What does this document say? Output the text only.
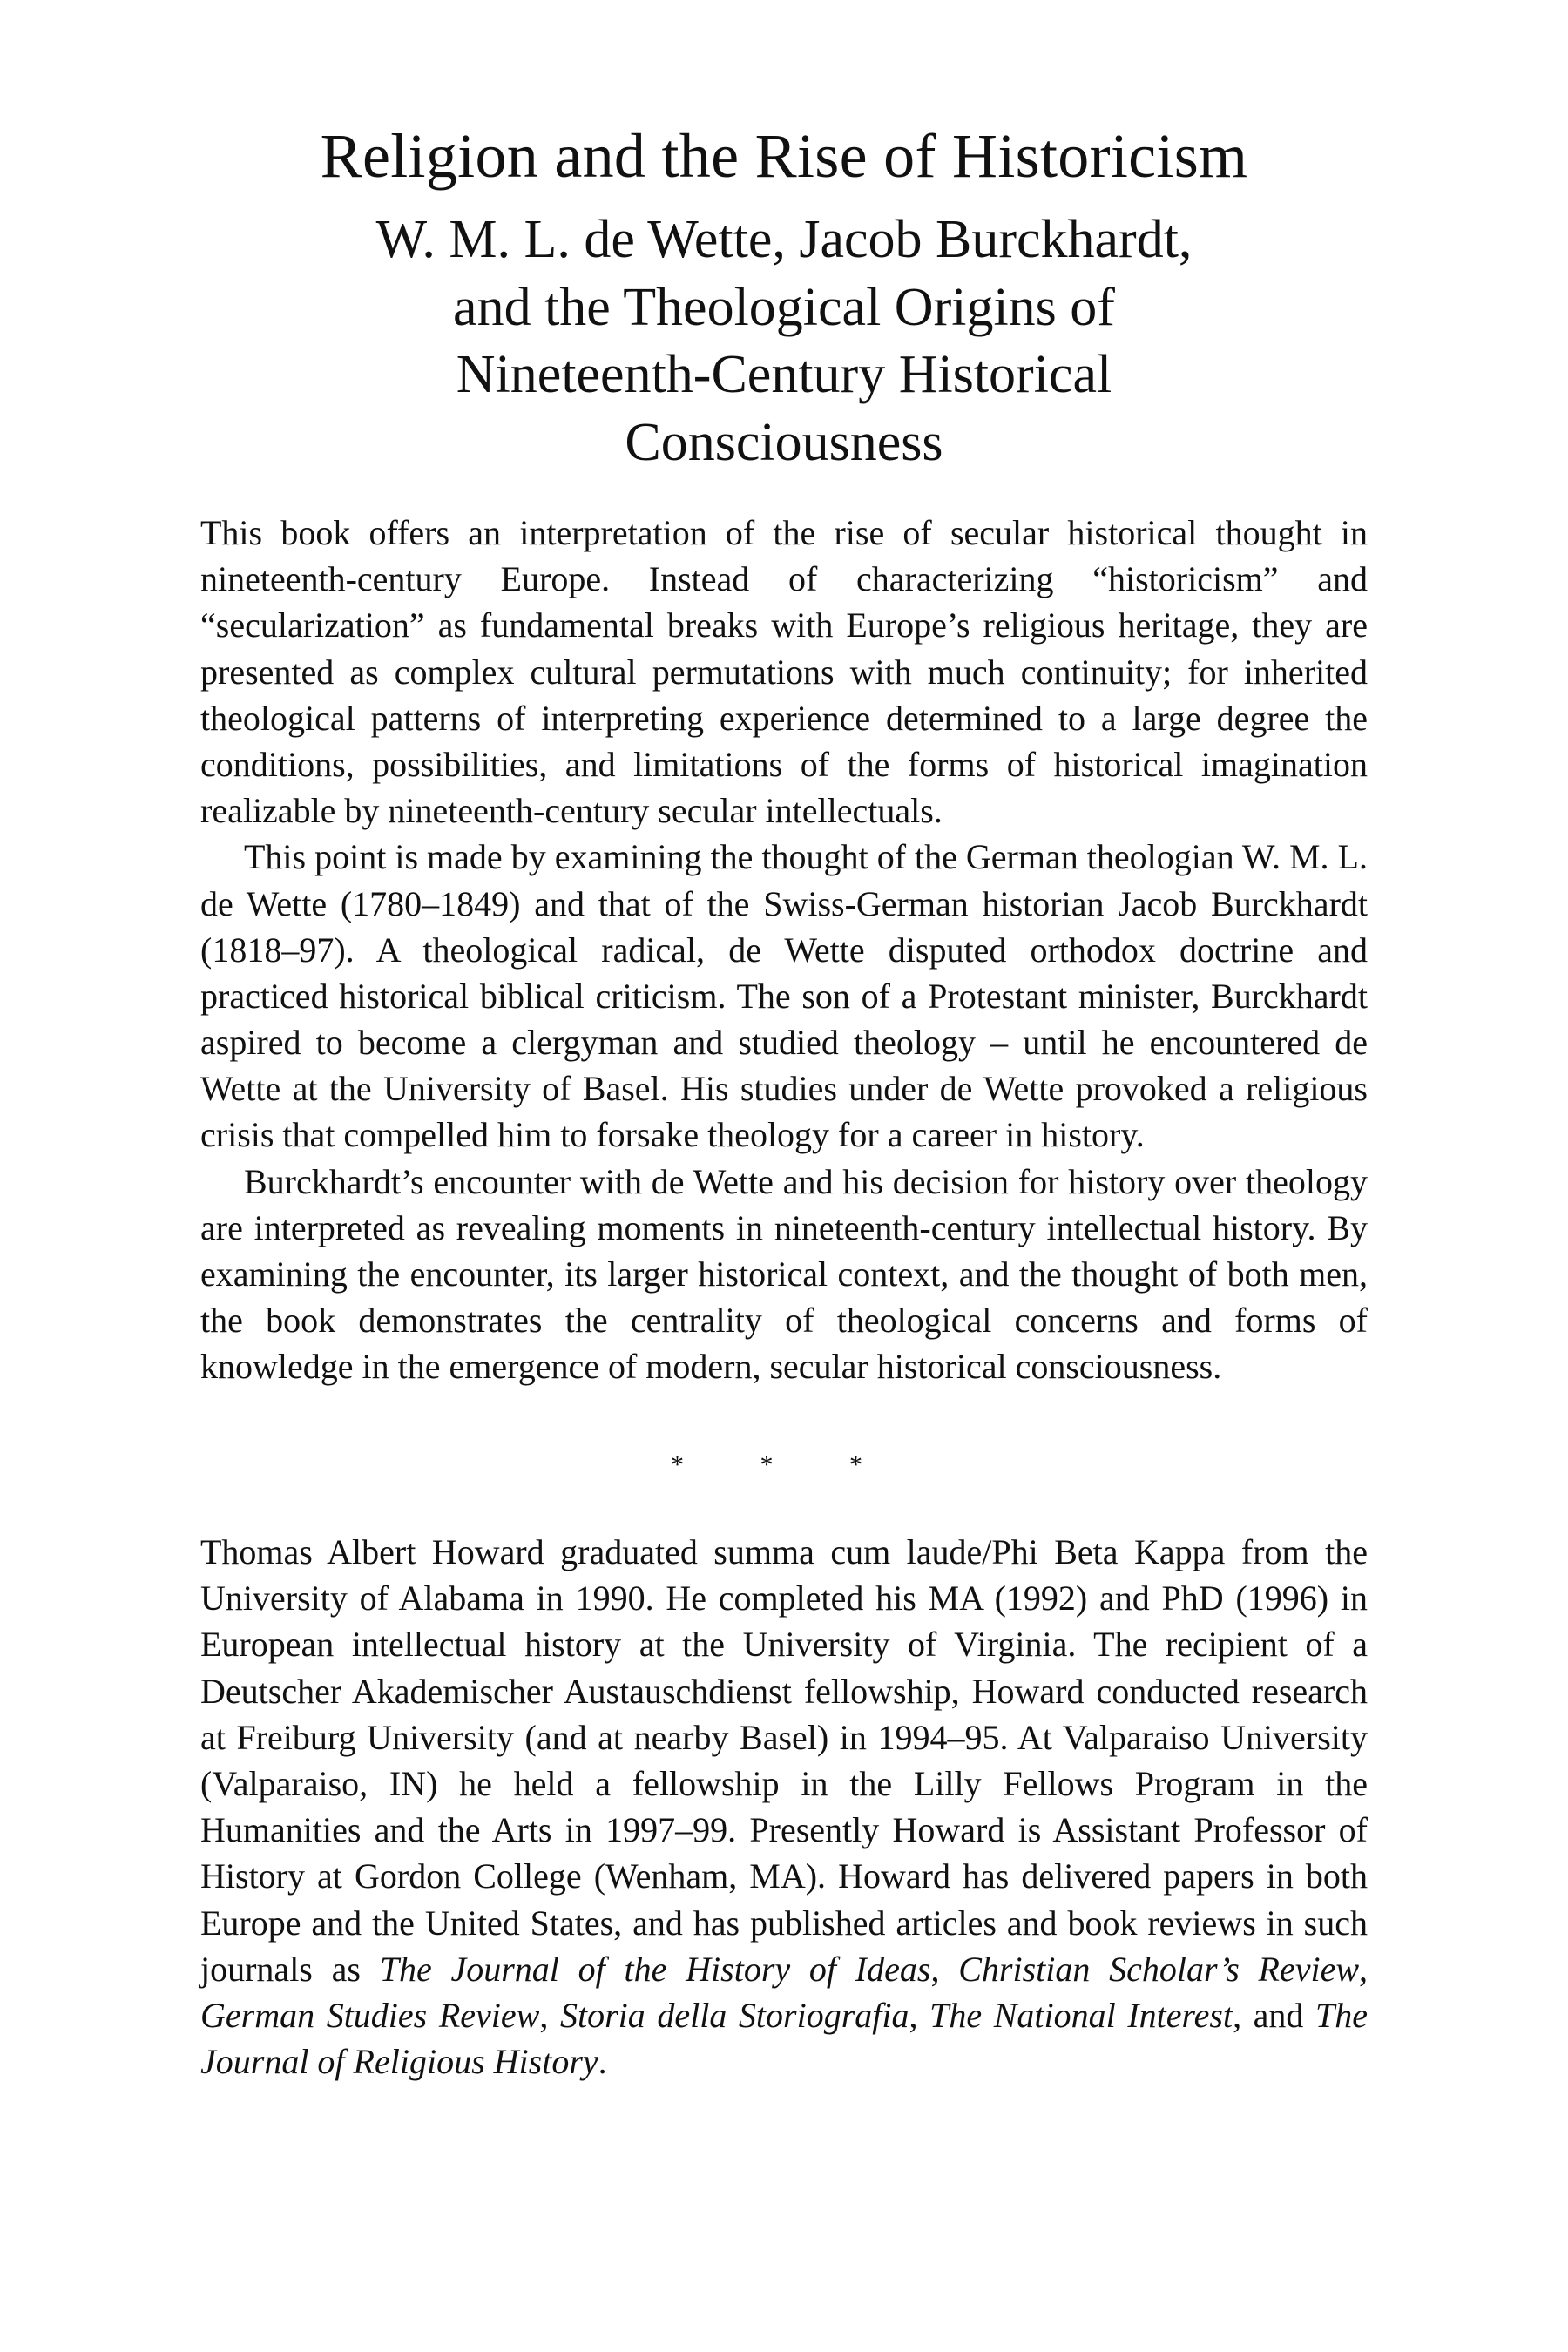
Religion and the Rise of Historicism
W. M. L. de Wette, Jacob Burckhardt,
and the Theological Origins of
Nineteenth-Century Historical
Consciousness

This book offers an interpretation of the rise of secular historical thought in nineteenth-century Europe. Instead of characterizing “historicism” and “secularization” as fundamental breaks with Europe’s religious heritage, they are presented as complex cultural permutations with much continuity; for inherited theological patterns of interpreting experience determined to a large degree the conditions, possibilities, and limitations of the forms of historical imagination realizable by nineteenth-century secular intellectuals.

This point is made by examining the thought of the German theologian W. M. L. de Wette (1780–1849) and that of the Swiss-German historian Jacob Burckhardt (1818–97). A theological radical, de Wette disputed orthodox doctrine and practiced historical biblical criticism. The son of a Protestant minister, Burckhardt aspired to become a clergyman and studied theology – until he encountered de Wette at the University of Basel. His studies under de Wette provoked a religious crisis that compelled him to forsake theology for a career in history.

Burckhardt’s encounter with de Wette and his decision for history over theology are interpreted as revealing moments in nineteenth-century intellectual history. By examining the encounter, its larger historical context, and the thought of both men, the book demonstrates the centrality of theological concerns and forms of knowledge in the emergence of modern, secular historical consciousness.

* * *

Thomas Albert Howard graduated summa cum laude/Phi Beta Kappa from the University of Alabama in 1990. He completed his MA (1992) and PhD (1996) in European intellectual history at the University of Virginia. The recipient of a Deutscher Akademischer Austauschdienst fellowship, Howard conducted research at Freiburg University (and at nearby Basel) in 1994–95. At Valparaiso University (Valparaiso, IN) he held a fellowship in the Lilly Fellows Program in the Humanities and the Arts in 1997–99. Presently Howard is Assistant Professor of History at Gordon College (Wenham, MA). Howard has delivered papers in both Europe and the United States, and has published articles and book reviews in such journals as The Journal of the History of Ideas, Christian Scholar’s Review, German Studies Review, Storia della Storiografia, The National Interest, and The Journal of Religious History.
